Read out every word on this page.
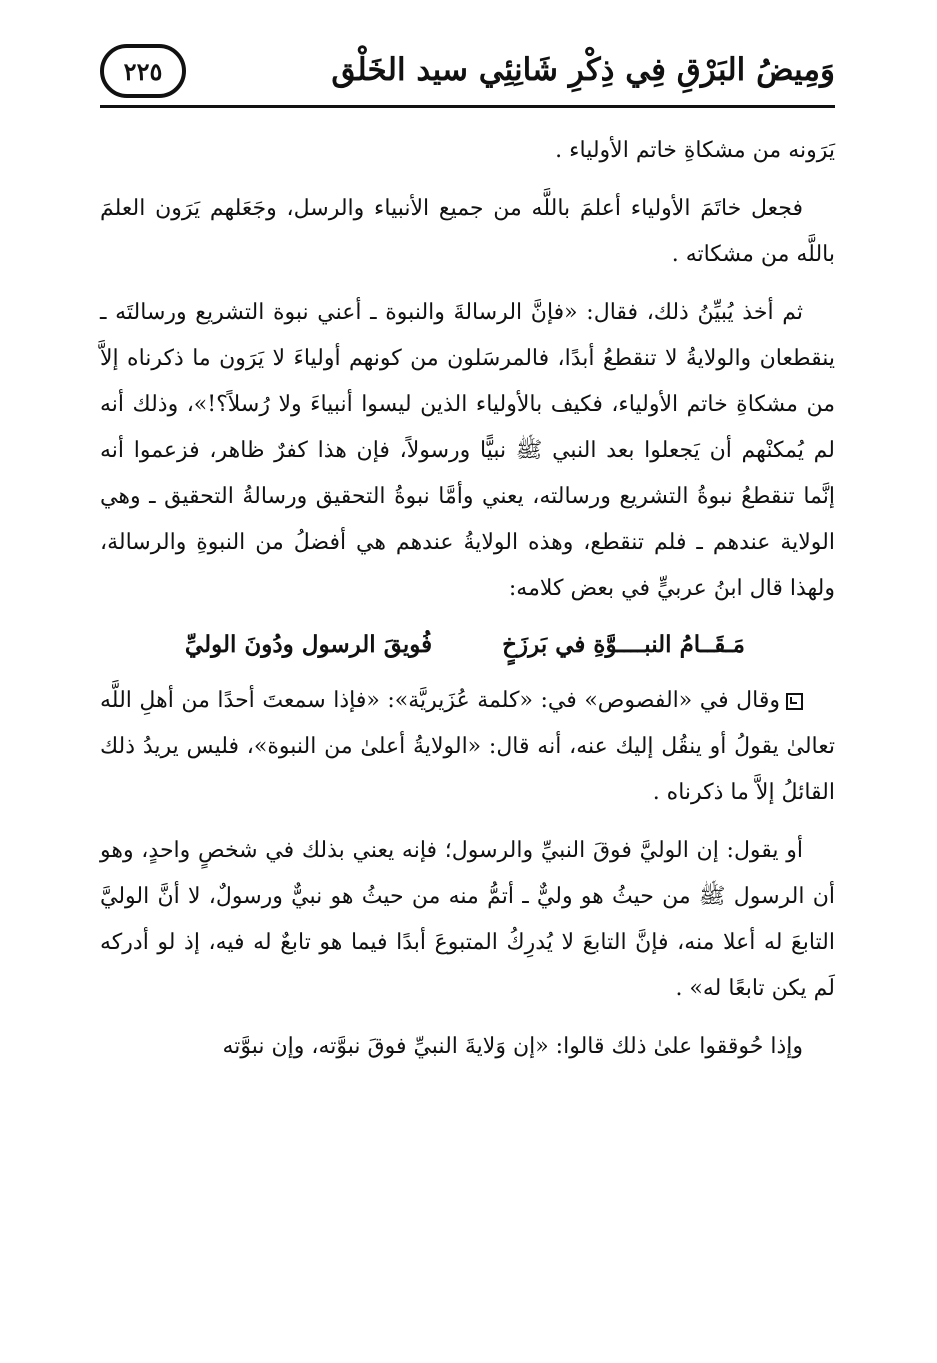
وَمِيضُ البَرْقِ فِي ذِكْرِ شَانِئِي سيد الخَلْق
٢٢٥

يَرَونه من مشكاةِ خاتم الأولياء .

فجعل خاتَمَ الأولياء أعلمَ باللَّه من جميع الأنبياء والرسل، وجَعَلهم يَرَون العلمَ باللَّه من مشكاته .

ثم أخذ يُبيِّنُ ذلك، فقال: «فإنَّ الرسالةَ والنبوة ـ أعني نبوة التشريع ورسالتَه ـ ينقطعان والولايةُ لا تنقطعُ أبدًا، فالمرسَلون من كونهم أولياءَ لا يَرَون ما ذكرناه إلاَّ من مشكاةِ خاتم الأولياء، فكيف بالأولياء الذين ليسوا أنبياءَ ولا رُسلاً؟!»، وذلك أنه لم يُمكنْهم أن يَجعلوا بعد النبي ﷺ نبيًّا ورسولاً، فإن هذا كفرٌ ظاهر، فزعموا أنه إنَّما تنقطعُ نبوةُ التشريع ورسالته، يعني وأمَّا نبوةُ التحقيق ورسالةُ التحقيق ـ وهي الولاية عندهم ـ فلم تنقطع، وهذه الولايةُ عندهم هي أفضلُ من النبوةِ والرسالة، ولهذا قال ابنُ عربيٍّ في بعض كلامه:

مَـقَــامُ النبــــوَّةِ في بَرزَخٍ
فُويقَ الرسول ودُونَ الوليِّ

وقال في «الفصوص» في: «كلمة عُزَيريَّة»: «فإذا سمعتَ أحدًا من أهلِ اللَّه تعالىٰ يقولُ أو ينقُل إليك عنه، أنه قال: «الولايةُ أعلىٰ من النبوة»، فليس يريدُ ذلك القائلُ إلاَّ ما ذكرناه .

أو يقول: إن الوليَّ فوقَ النبيِّ والرسول؛ فإنه يعني بذلك في شخصٍ واحدٍ، وهو أن الرسول ﷺ من حيثُ هو وليٌّ ـ أتمُّ منه من حيثُ هو نبيٌّ ورسولٌ، لا أنَّ الوليَّ التابعَ له أعلا منه، فإنَّ التابعَ لا يُدرِكُ المتبوعَ أبدًا فيما هو تابعٌ له فيه، إذ لو أدركه لَم يكن تابعًا له» .

وإذا حُوققوا علىٰ ذلك قالوا: «إن وَلايةَ النبيِّ فوقَ نبوَّته، وإن نبوَّته
